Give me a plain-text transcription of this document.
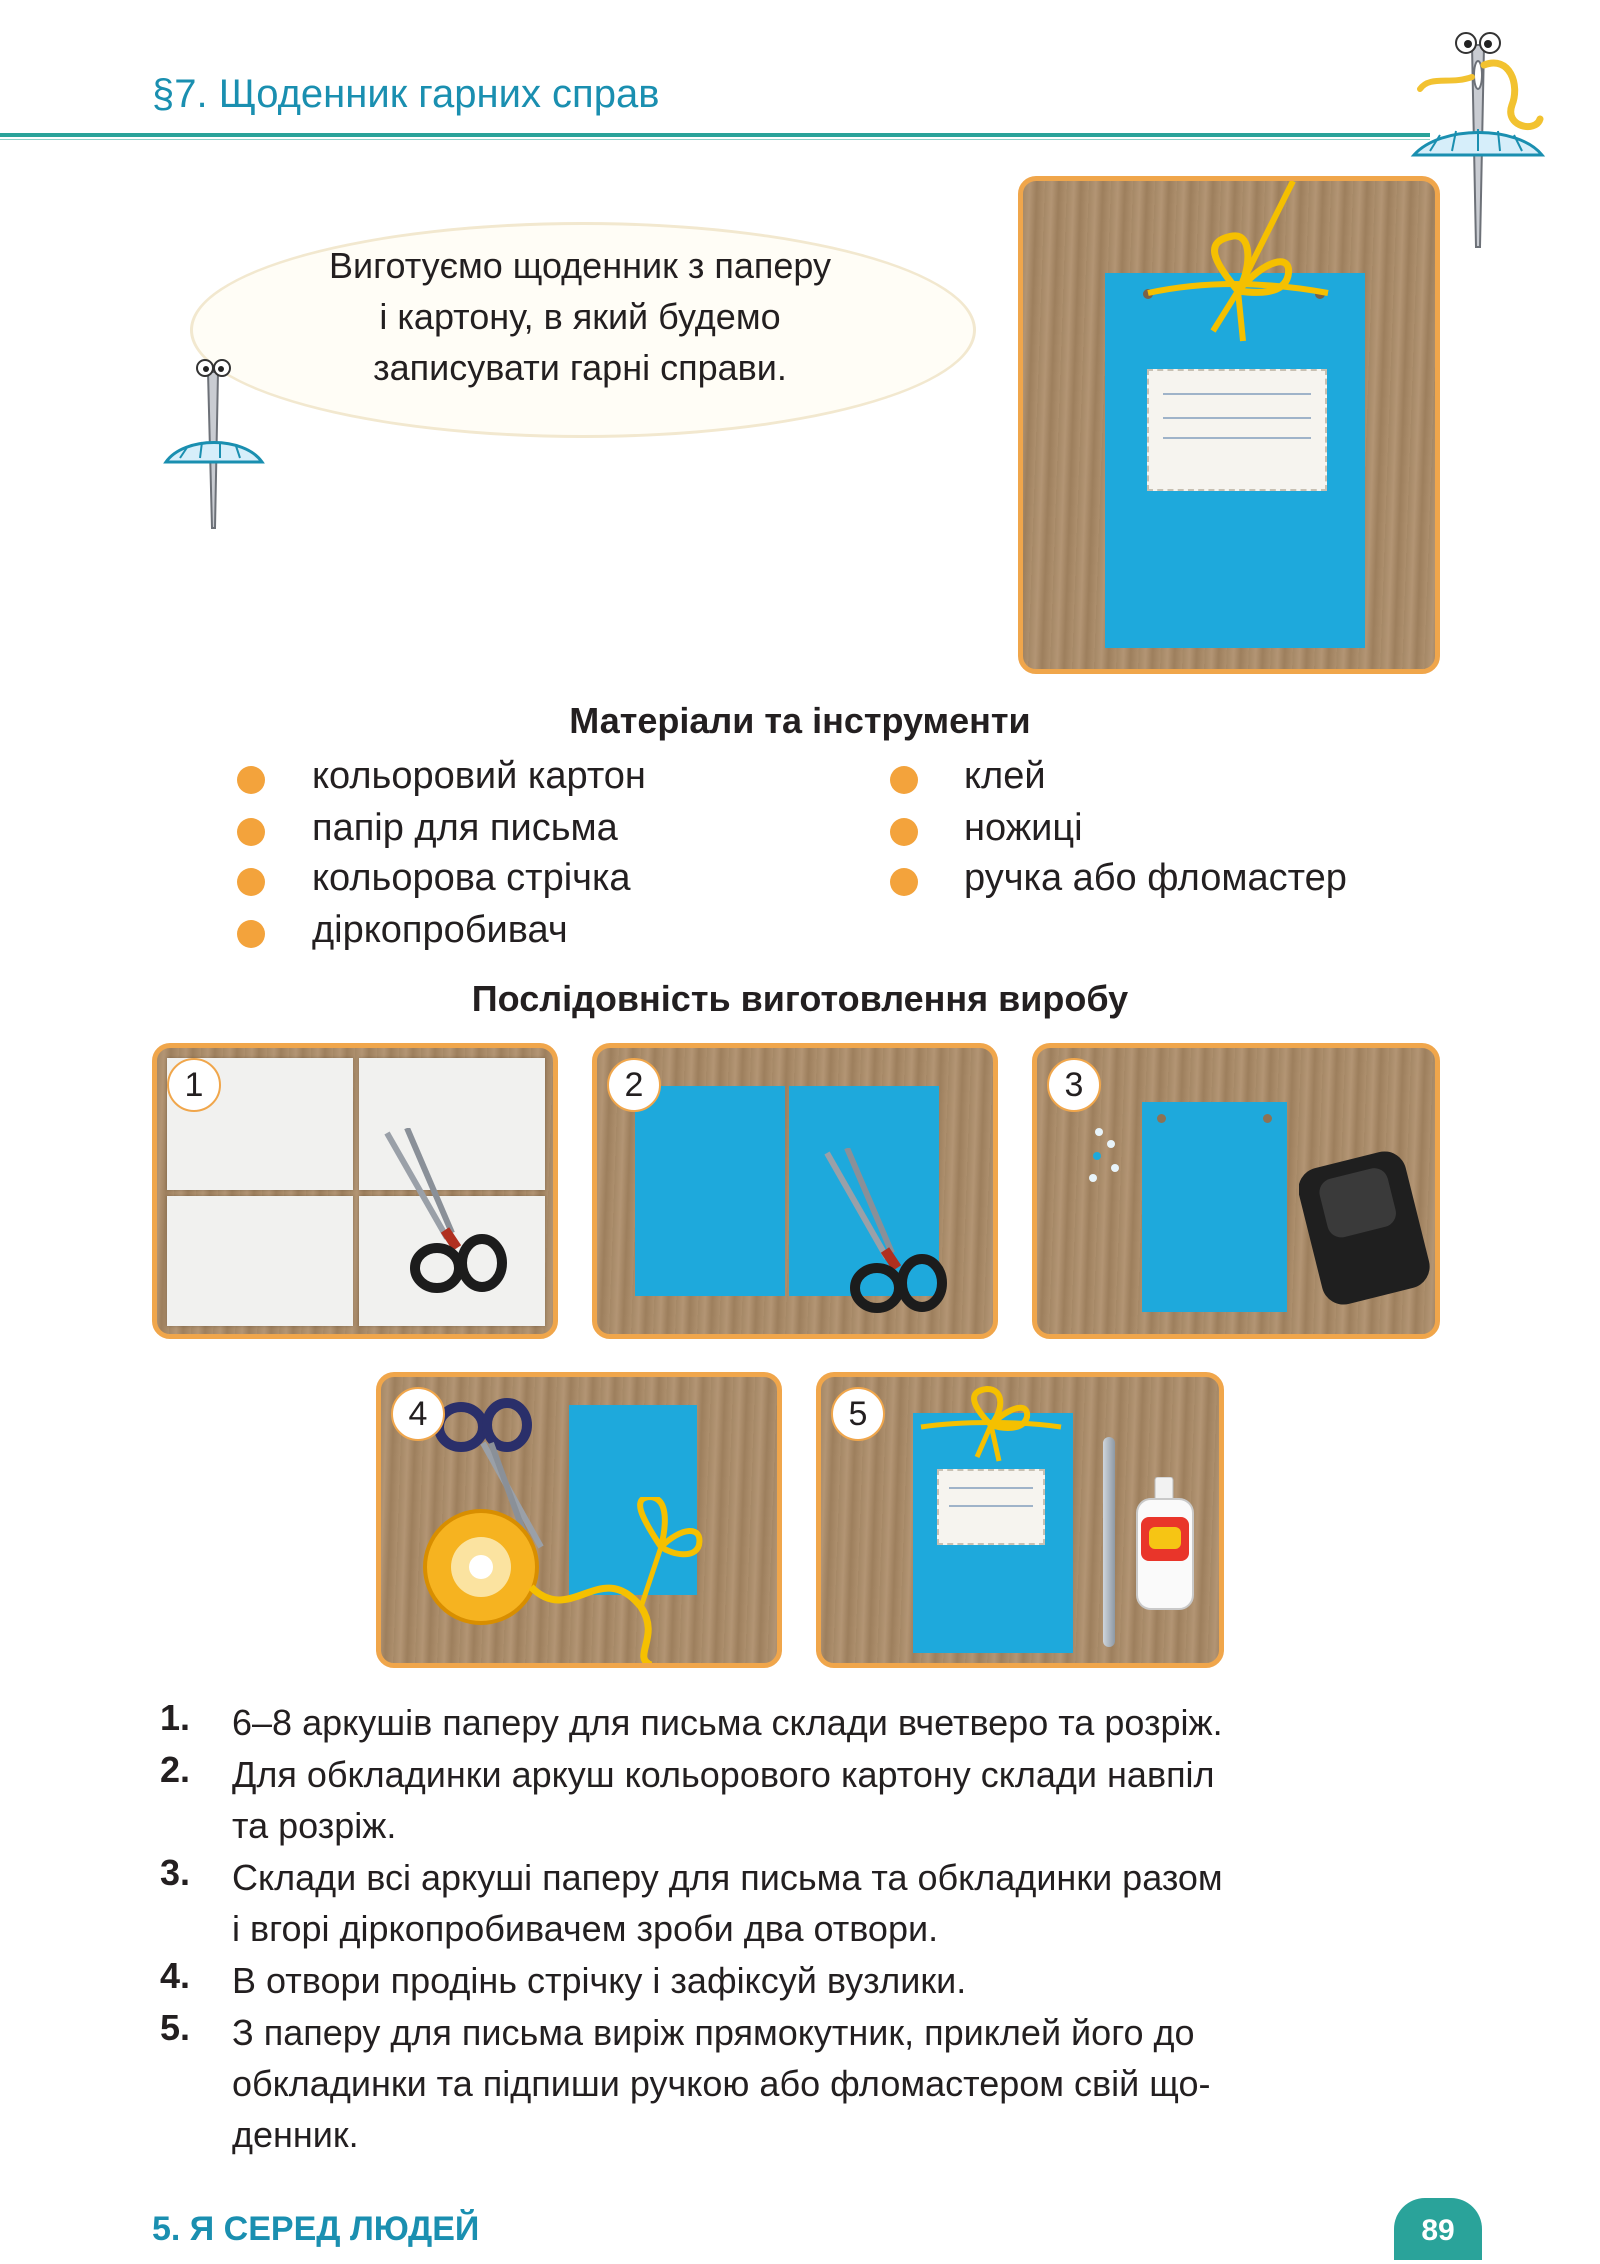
§7. Щоденник гарних справ
Виготуємо щоденник з паперу
і картону, в який будемо
записувати гарні справи.
Матеріали та інструменти
кольоровий картон
папір для письма
кольорова стрічка
діркопробивач
клей
ножиці
ручка або фломастер
Послідовність виготовлення виробу
1	2	3
4	5
1. 6–8 аркушів паперу для письма склади вчетверо та розріж.
2. Для обкладинки аркуш кольорового картону склади навпіл
та розріж.
3. Склади всі аркуші паперу для письма та обкладинки разом
і вгорі діркопробивачем зроби два отвори.
4. В отвори продінь стрічку і зафіксуй вузлики.
5. З паперу для письма виріж прямокутник, приклей його до
обкладинки та підпиши ручкою або фломастером свій що-
денник.
5. Я СЕРЕД ЛЮДЕЙ	89
